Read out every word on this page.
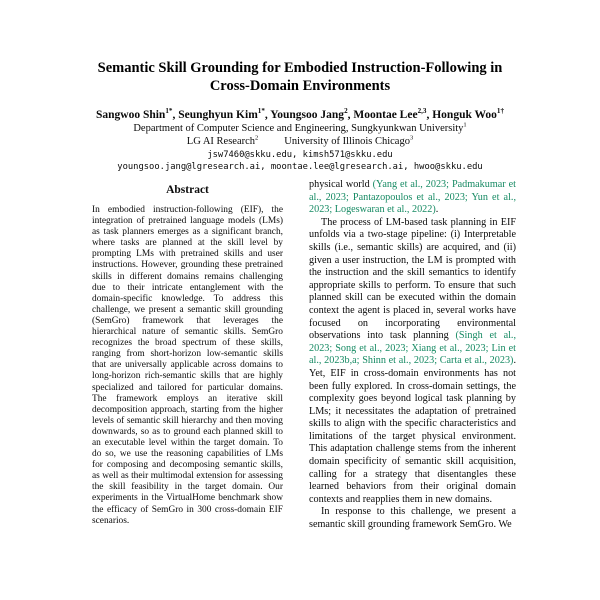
Semantic Skill Grounding for Embodied Instruction-Following in
Cross-Domain Environments
Sangwoo Shin$^{1*}$, Seunghyun Kim$^{1*}$, Youngsoo Jang$^2$, Moontae Lee$^{2,3}$, Honguk Woo$^{1\dagger}$
Department of Computer Science and Engineering, Sungkyunkwan University$^1$
LG AI Research$^2$ University of Illinois Chicago$^3$
jsw7460@skku.edu, kimsh571@skku.edu
youngsoo.jang@lgresearch.ai, moontae.lee@lgresearch.ai, hwoo@skku.edu
Abstract
In embodied instruction-following (EIF), the integration of pretrained language models (LMs) as task planners emerges as a significant branch, where tasks are planned at the skill level by prompting LMs with pretrained skills and user instructions. However, grounding these pretrained skills in different domains remains challenging due to their intricate entanglement with the domain-specific knowledge. To address this challenge, we present a semantic skill grounding (SemGro) framework that leverages the hierarchical nature of semantic skills. SemGro recognizes the broad spectrum of these skills, ranging from short-horizon low-semantic skills that are universally applicable across domains to long-horizon rich-semantic skills that are highly specialized and tailored for particular domains. The framework employs an iterative skill decomposition approach, starting from the higher levels of semantic skill hierarchy and then moving downwards, so as to ground each planned skill to an executable level within the target domain. To do so, we use the reasoning capabilities of LMs for composing and decomposing semantic skills, as well as their multimodal extension for assessing the skill feasibility in the target domain. Our experiments in the VirtualHome benchmark show the efficacy of SemGro in 300 cross-domain EIF scenarios.

physical world (Yang et al., 2023; Padmakumar et al., 2023; Pantazopoulos et al., 2023; Yun et al., 2023; Logeswaran et al., 2022).

The process of LM-based task planning in EIF unfolds via a two-stage pipeline: (i) Interpretable skills (i.e., semantic skills) are acquired, and (ii) given a user instruction, the LM is prompted with the instruction and the skill semantics to identify appropriate skills to perform. To ensure that such planned skill can be executed within the domain context the agent is placed in, several works have focused on incorporating environmental observations into task planning (Singh et al., 2023; Song et al., 2023; Xiang et al., 2023; Lin et al., 2023b,a; Shinn et al., 2023; Carta et al., 2023). Yet, EIF in cross-domain environments has not been fully explored. In cross-domain settings, the complexity goes beyond logical task planning by LMs; it necessitates the adaptation of pretrained skills to align with the specific characteristics and limitations of the target physical environment. This adaptation challenge stems from the inherent domain specificity of semantic skill acquisition, calling for a strategy that disentangles these learned behaviors from their original domain contexts and reapplies them in new domains.

In response to this challenge, we present a semantic skill grounding framework SemGro. We
